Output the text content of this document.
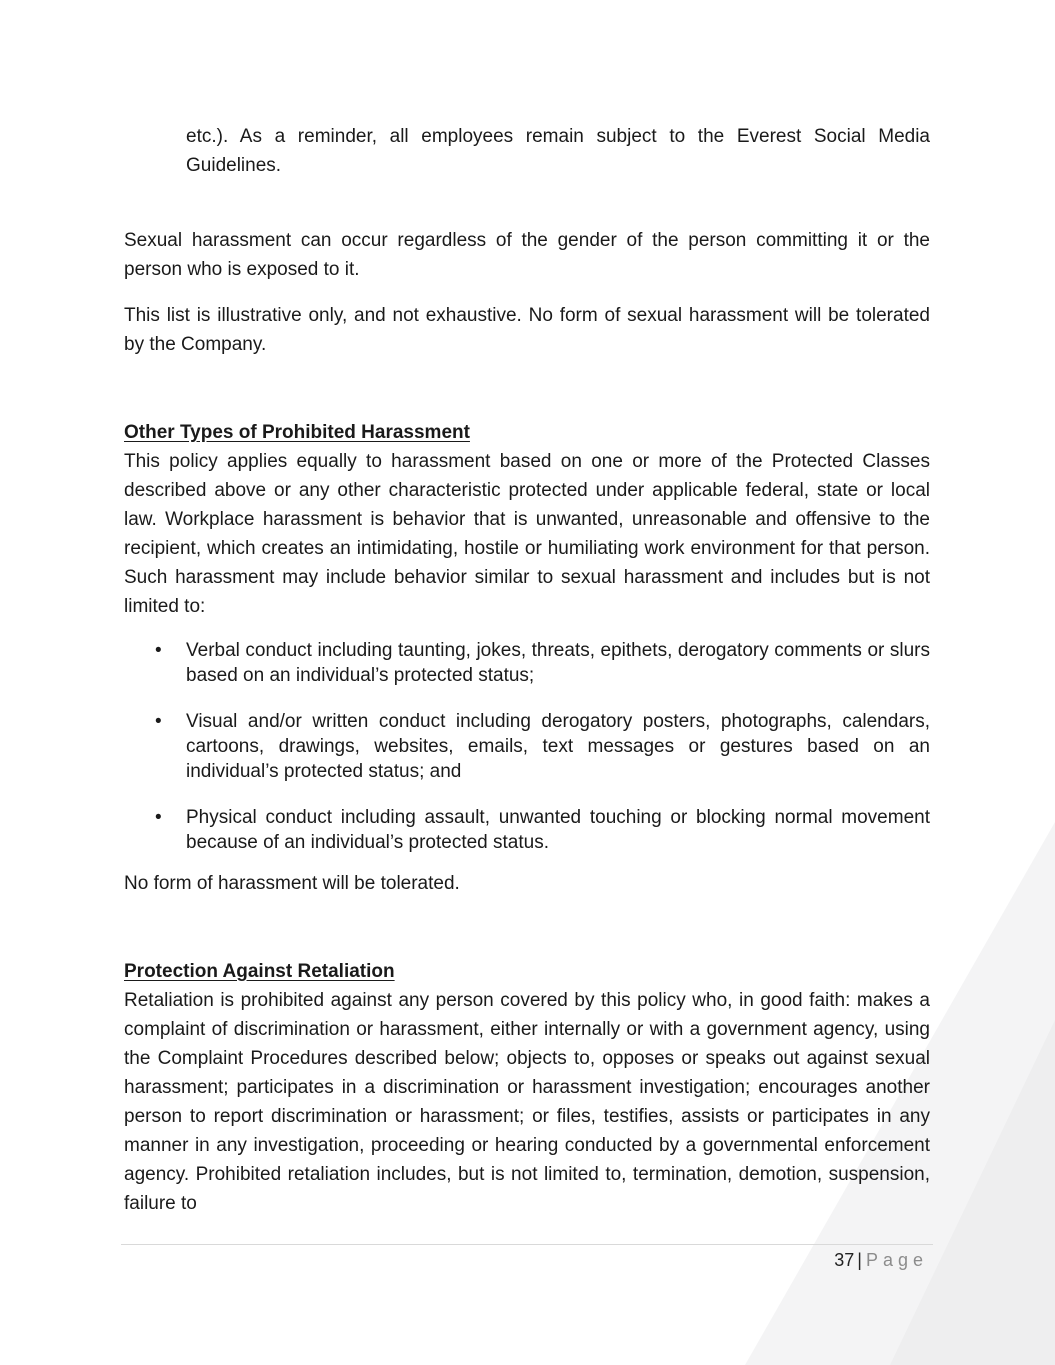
etc.). As a reminder, all employees remain subject to the Everest Social Media Guidelines.

Sexual harassment can occur regardless of the gender of the person committing it or the person who is exposed to it.

This list is illustrative only, and not exhaustive. No form of sexual harassment will be tolerated by the Company.

Other Types of Prohibited Harassment

This policy applies equally to harassment based on one or more of the Protected Classes described above or any other characteristic protected under applicable federal, state or local law. Workplace harassment is behavior that is unwanted, unreasonable and offensive to the recipient, which creates an intimidating, hostile or humiliating work environment for that person. Such harassment may include behavior similar to sexual harassment and includes but is not limited to:

• Verbal conduct including taunting, jokes, threats, epithets, derogatory comments or slurs based on an individual’s protected status;
• Visual and/or written conduct including derogatory posters, photographs, calendars, cartoons, drawings, websites, emails, text messages or gestures based on an individual’s protected status; and
• Physical conduct including assault, unwanted touching or blocking normal movement because of an individual’s protected status.

No form of harassment will be tolerated.

Protection Against Retaliation

Retaliation is prohibited against any person covered by this policy who, in good faith: makes a complaint of discrimination or harassment, either internally or with a government agency, using the Complaint Procedures described below; objects to, opposes or speaks out against sexual harassment; participates in a discrimination or harassment investigation; encourages another person to report discrimination or harassment; or files, testifies, assists or participates in any manner in any investigation, proceeding or hearing conducted by a governmental enforcement agency. Prohibited retaliation includes, but is not limited to, termination, demotion, suspension, failure to

37 | Page
